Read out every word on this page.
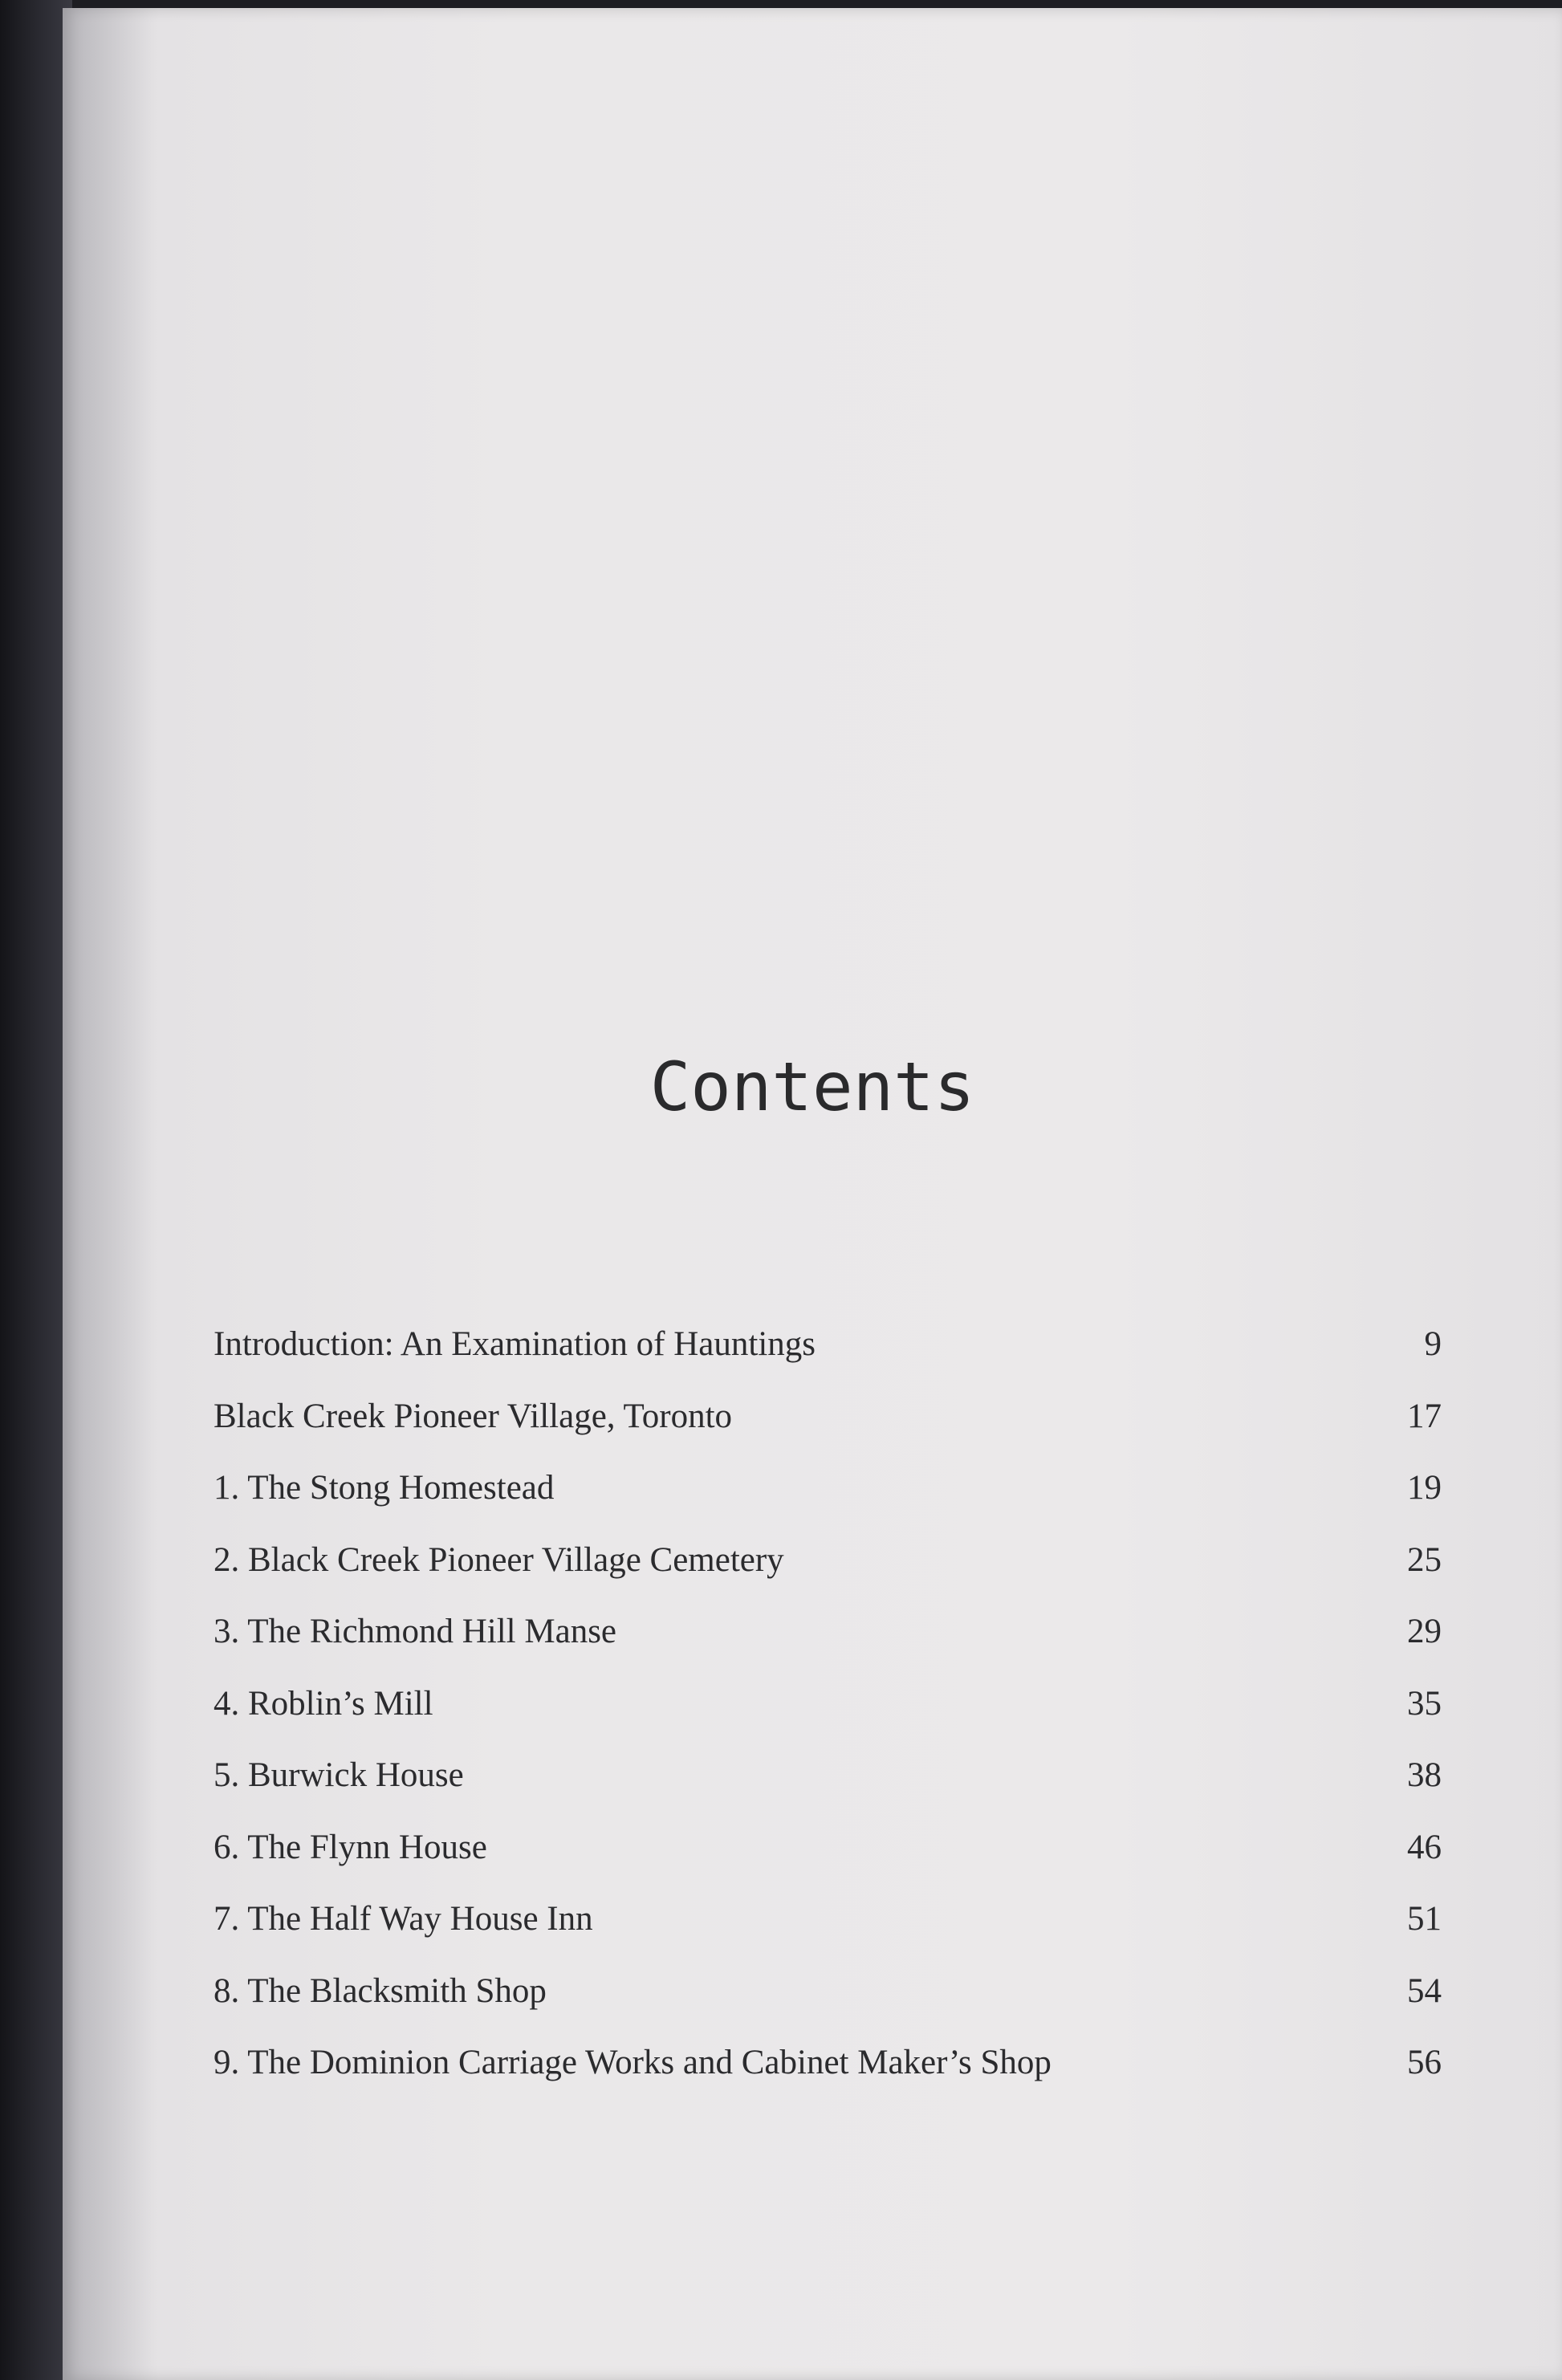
Contents
Introduction: An Examination of Hauntings	9
Black Creek Pioneer Village, Toronto	17
1. The Stong Homestead	19
2. Black Creek Pioneer Village Cemetery	25
3. The Richmond Hill Manse	29
4. Roblin’s Mill	35
5. Burwick House	38
6. The Flynn House	46
7. The Half Way House Inn	51
8. The Blacksmith Shop	54
9. The Dominion Carriage Works and Cabinet Maker’s Shop	56
